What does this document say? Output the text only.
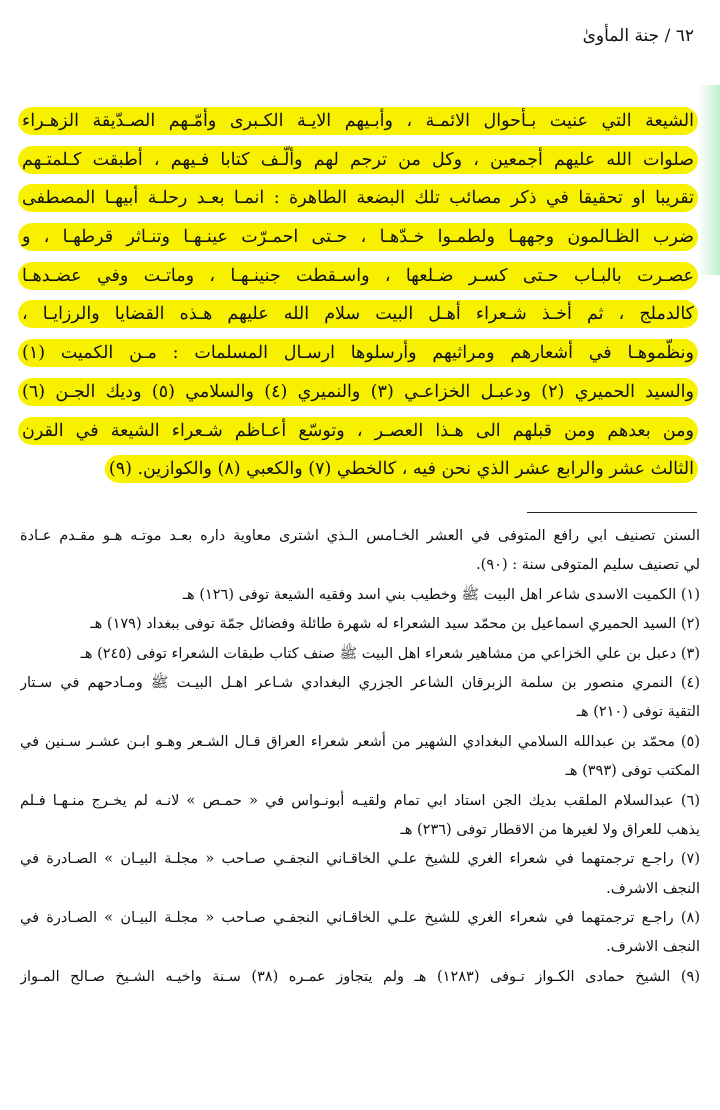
٦٢ / جنة المأوىٰ
الشيعة التي عنيت بـأحوال الائمـة ، وأبـيهم الايـة الكـبرى وأمّـهم الصـدّيقة الزهـراء
صلوات الله عليهم أجمعين ، وكل من ترجم لهم وألّـف كتابا فـيهم ، أطبقت كـلمتـهم
تقريبا او تحقيقا في ذكر مصائب تلك البضعة الطاهرة : انمـا بعـد رحلـة أبيهـا المصطفى
ضرب الظـالمون وجههـا ولطمـوا خـدّهـا ، حـتى احمـرّت عينـهـا وتنـاثر قرطهـا ، و
عصـرت بالبـاب حـتى كسـر ضـلعها ، واسـقطت جنينـهـا ، وماتـت وفي عضـدهـا
كالدملج ، ثم أخـذ شـعراء أهـل البيت سلام الله عليهم هـذه القضايا والرزايـا ،
ونظّموهـا في أشعارهم ومراثيهم وأرسلوها ارسـال المسلمات : مـن الكميت (١)
والسيد الحميري (٢) ودعبـل الخزاعـي (٣) والنميري (٤) والسلامي (٥) وديك الجـن (٦)
ومن بعدهم ومن قبلهم الى هـذا العصـر ، وتوسّع أعـاظم شـعراء الشيعة في القرن
الثالث عشر والرابع عشر الذي نحن فيه ، كالخطي (٧) والكعبي (٨) والكوازين. (٩)
السنن تصنيف ابي رافع المتوفى في العشر الخـامس الـذي اشترى معاوية داره بعـد موتـه هـو مقـدم عـادة
لي تصنيف سليم المتوفى سنة : (٩٠).
(١) الكميت الاسدى شاعر اهل البيت ﷺ وخطيب بني اسد وفقيه الشيعة توفى (١٢٦) هـ
(٢) السيد الحميري اسماعيل بن محمّد سيد الشعراء له شهرة طائلة وفضائل جمّة توفى ببغداد (١٧٩) هـ
(٣) دعبل بن علي الخزاعي من مشاهير شعراء اهل البيت ﷺ صنف كتاب طبقات الشعراء توفى (٢٤٥) هـ
(٤) النمري منصور بن سلمة الزبرقان الشاعر الجزري البغدادي شـاعر اهـل البيـت ﷺ ومـادحهم في سـتار
التقية توفى (٢١٠) هـ
(٥) محمّد بن عبدالله السلامي البغدادي الشهير من أشعر شعراء العراق قـال الشـعر وهـو ابـن عشـر سـنين في
المكتب توفى (٣٩٣) هـ
(٦) عبدالسلام الملقب بديك الجن استاد ابي تمام ولقيـه أبونـواس في « حمـص » لانـه لم يخـرج منـهـا فـلم
يذهب للعراق ولا لغيرها من الاقطار توفى (٢٣٦) هـ
(٧) راجـع ترجمتهما في شعراء الغري للشيخ علـي الخاقـاني النجفـي صـاحب « مجلـة البيـان » الصـادرة في
النجف الاشرف.
(٨) راجـع ترجمتهما في شعراء الغري للشيخ علـي الخاقـاني النجفـي صـاحب « مجلـة البيـان » الصـادرة في
النجف الاشرف.
(٩) الشيخ حمادى الكـواز تـوفى (١٢٨٣) هـ ولم يتجاوز عمـره (٣٨) سـنة واخيـه الشـيخ صـالح المـواز
